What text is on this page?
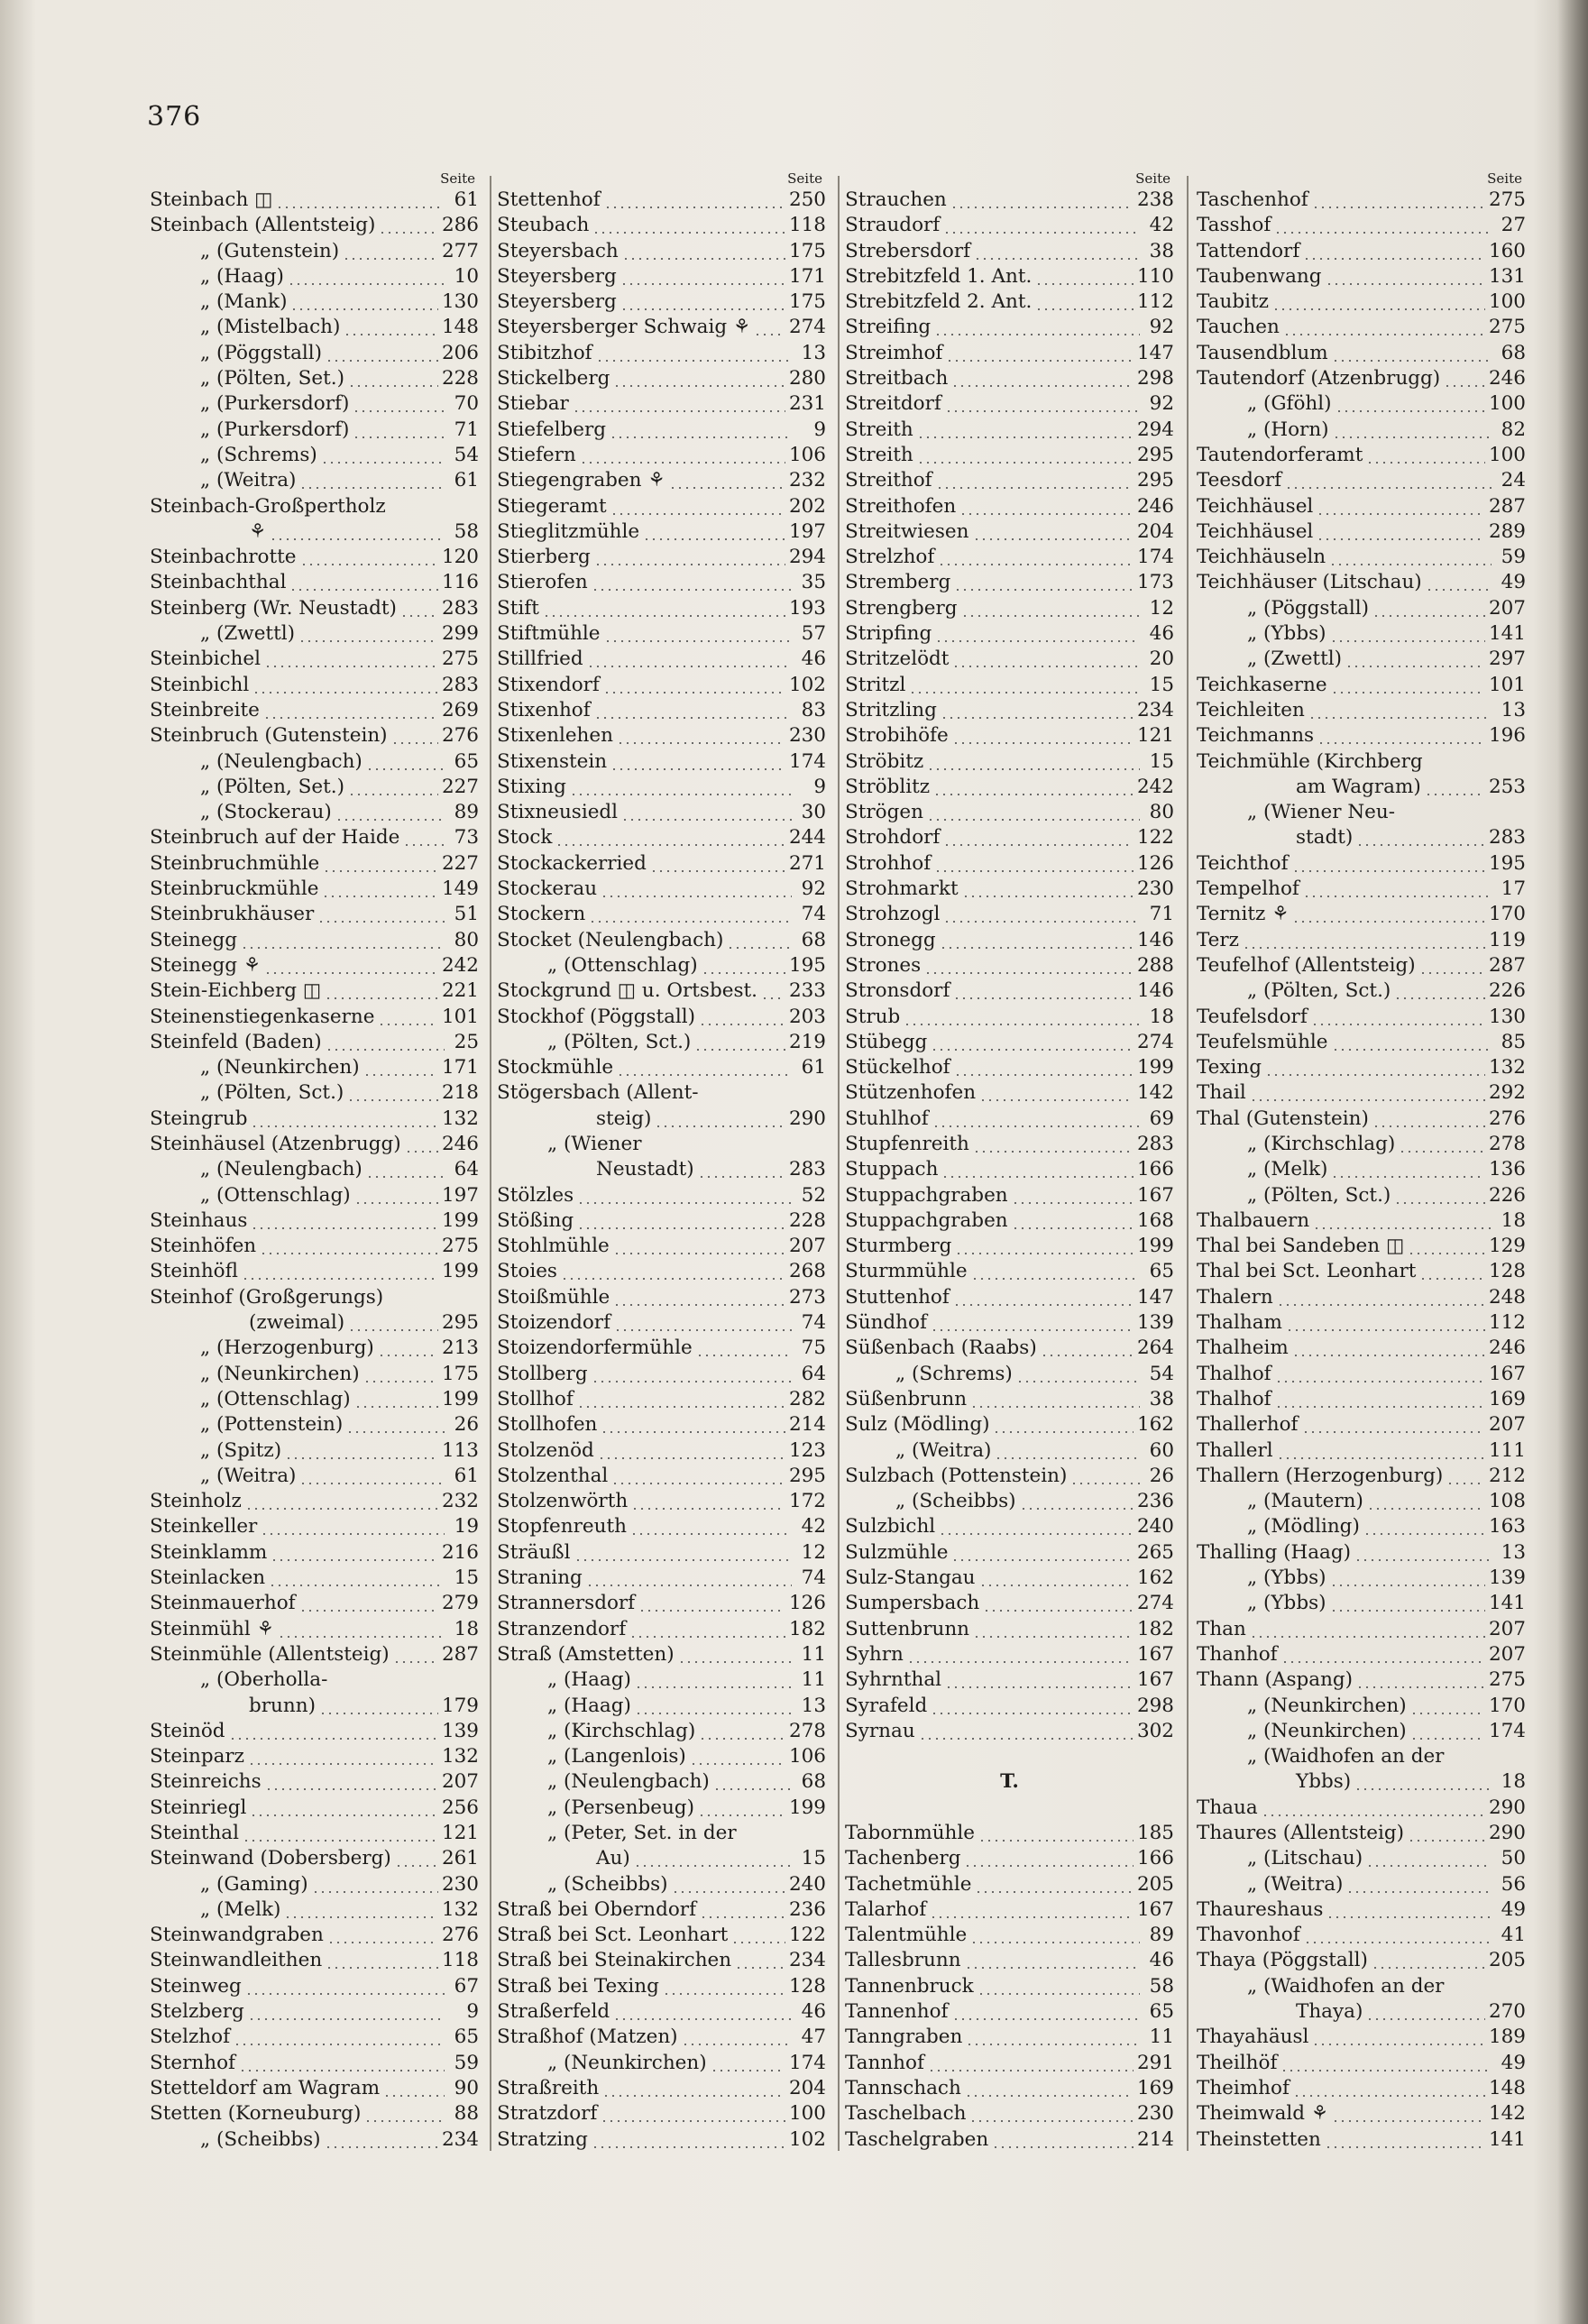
376
Seite
Steinbach ◫	61
Steinbach (Allentsteig)	286
„ (Gutenstein)	277
„ (Haag)	10
„ (Mank)	130
„ (Mistelbach)	148
„ (Pöggstall)	206
„ (Pölten, Set.)	228
„ (Purkersdorf)	70
„ (Purkersdorf)	71
„ (Schrems)	54
„ (Weitra)	61
Steinbach-Großpertholz
⚘	58
Steinbachrotte	120
Steinbachthal	116
Steinberg (Wr. Neustadt) 283
„ (Zwettl)	299
Steinbichel	275
Steinbichl	283
Steinbreite	269
Steinbruch (Gutenstein)	276
„ (Neulengbach)	65
„ (Pölten, Set.)	227
„ (Stockerau)	89
Steinbruch auf der Haide	73
Steinbruchmühle	227
Steinbruckmühle	149
Steinbrukhäuser	51
Steinegg	80
Steinegg ⚘	242
Stein-Eichberg ◫	221
Steinenstiegenkaserne	101
Steinfeld (Baden)	25
„ (Neunkirchen)	171
„ (Pölten, Sct.)	218
Steingrub	132
Steinhäusel (Atzenbrugg) 246
„ (Neulengbach)	64
„ (Ottenschlag)	197
Steinhaus	199
Steinhöfen	275
Steinhöfl	199
Steinhof (Großgerungs)
(zweimal)	295
„ (Herzogenburg)	213
„ (Neunkirchen)	175
„ (Ottenschlag)	199
„ (Pottenstein)	26
„ (Spitz)	113
„ (Weitra)	61
Steinholz	232
Steinkeller	19
Steinklamm	216
Steinlacken	15
Steinmauerhof	279
Steinmühl ⚘	18
Steinmühle (Allentsteig)	287
„ (Oberholla-
brunn)	179
Steinöd	139
Steinparz	132
Steinreichs	207
Steinriegl	256
Steinthal	121
Steinwand (Dobersberg)	261
„ (Gaming)	230
„ (Melk)	132
Steinwandgraben	276
Steinwandleithen	118
Steinweg	67
Stelzberg	9
Stelzhof	65
Sternhof	59
Stetteldorf am Wagram	90
Stetten (Korneuburg)	88
„ (Scheibbs)	234
Seite
Stettenhof	250
Steubach	118
Steyersbach	175
Steyersberg	171
Steyersberg	175
Steyersberger Schwaig ⚘ 274
Stibitzhof	13
Stickelberg	280
Stiebar	231
Stiefelberg	9
Stiefern	106
Stiegengraben ⚘	232
Stiegeramt	202
Stieglitzmühle	197
Stierberg	294
Stierofen	35
Stift	193
Stiftmühle	57
Stillfried	46
Stixendorf	102
Stixenhof	83
Stixenlehen	230
Stixenstein	174
Stixing	9
Stixneusiedl	30
Stock	244
Stockackerried	271
Stockerau	92
Stockern	74
Stocket (Neulengbach)	68
„ (Ottenschlag)	195
Stockgrund ◫ u. Ortsbest. 233
Stockhof (Pöggstall)	203
„ (Pölten, Sct.)	219
Stockmühle	61
Stögersbach (Allent-
steig)	290
„ (Wiener
Neustadt)	283
Stölzles	52
Stößing	228
Stohlmühle	207
Stoies	268
Stoißmühle	273
Stoizendorf	74
Stoizendorfermühle	75
Stollberg	64
Stollhof	282
Stollhofen	214
Stolzenöd	123
Stolzenthal	295
Stolzenwörth	172
Stopfenreuth	42
Sträußl	12
Straning	74
Strannersdorf	126
Stranzendorf	182
Straß (Amstetten)	11
„ (Haag)	11
„ (Haag)	13
„ (Kirchschlag)	278
„ (Langenlois)	106
„ (Neulengbach)	68
„ (Persenbeug)	199
„ (Peter, Set. in der
Au)	15
„ (Scheibbs)	240
Straß bei Oberndorf	236
Straß bei Sct. Leonhart	122
Straß bei Steinakirchen	234
Straß bei Texing	128
Straßerfeld	46
Straßhof (Matzen)	47
„ (Neunkirchen)	174
Straßreith	204
Stratzdorf	100
Stratzing	102
Seite
Strauchen	238
Straudorf	42
Strebersdorf	38
Strebitzfeld 1. Ant.	110
Strebitzfeld 2. Ant.	112
Streifing	92
Streimhof	147
Streitbach	298
Streitdorf	92
Streith	294
Streith	295
Streithof	295
Streithofen	246
Streitwiesen	204
Strelzhof	174
Stremberg	173
Strengberg	12
Stripfing	46
Stritzelödt	20
Stritzl	15
Stritzling	234
Strobihöfe	121
Ströbitz	15
Ströblitz	242
Strögen	80
Strohdorf	122
Strohhof	126
Strohmarkt	230
Strohzogl	71
Stronegg	146
Strones	288
Stronsdorf	146
Strub	18
Stübegg	274
Stückelhof	199
Stützenhofen	142
Stuhlhof	69
Stupfenreith	283
Stuppach	166
Stuppachgraben	167
Stuppachgraben	168
Sturmberg	199
Sturmmühle	65
Stuttenhof	147
Sündhof	139
Süßenbach (Raabs)	264
„ (Schrems)	54
Süßenbrunn	38
Sulz (Mödling)	162
„ (Weitra)	60
Sulzbach (Pottenstein)	26
„ (Scheibbs)	236
Sulzbichl	240
Sulzmühle	265
Sulz-Stangau	162
Sumpersbach	274
Suttenbrunn	182
Syhrn	167
Syhrnthal	167
Syrafeld	298
Syrnau	302
T.
Tabornmühle	185
Tachenberg	166
Tachetmühle	205
Talarhof	167
Talentmühle	89
Tallesbrunn	46
Tannenbruck	58
Tannenhof	65
Tanngraben	11
Tannhof	291
Tannschach	169
Taschelbach	230
Taschelgraben	214
Seite
Taschenhof	275
Tasshof	27
Tattendorf	160
Taubenwang	131
Taubitz	100
Tauchen	275
Tausendblum	68
Tautendorf (Atzenbrugg)	246
„ (Gföhl)	100
„ (Horn)	82
Tautendorferamt	100
Teesdorf	24
Teichhäusel	287
Teichhäusel	289
Teichhäuseln	59
Teichhäuser (Litschau)	49
„ (Pöggstall)	207
„ (Ybbs)	141
„ (Zwettl)	297
Teichkaserne	101
Teichleiten	13
Teichmanns	196
Teichmühle (Kirchberg
am Wagram)	253
„ (Wiener Neu-
stadt)	283
Teichthof	195
Tempelhof	17
Ternitz ⚘	170
Terz	119
Teufelhof (Allentsteig)	287
„ (Pölten, Sct.)	226
Teufelsdorf	130
Teufelsmühle	85
Texing	132
Thail	292
Thal (Gutenstein)	276
„ (Kirchschlag)	278
„ (Melk)	136
„ (Pölten, Sct.)	226
Thalbauern	18
Thal bei Sandeben ◫	129
Thal bei Sct. Leonhart	128
Thalern	248
Thalham	112
Thalheim	246
Thalhof	167
Thalhof	169
Thallerhof	207
Thallerl	111
Thallern (Herzogenburg) 212
„ (Mautern)	108
„ (Mödling)	163
Thalling (Haag)	13
„ (Ybbs)	139
„ (Ybbs)	141
Than	207
Thanhof	207
Thann (Aspang)	275
„ (Neunkirchen)	170
„ (Neunkirchen)	174
„ (Waidhofen an der
Ybbs)	18
Thaua	290
Thaures (Allentsteig)	290
„ (Litschau)	50
„ (Weitra)	56
Thaureshaus	49
Thavonhof	41
Thaya (Pöggstall)	205
„ (Waidhofen an der
Thaya)	270
Thayahäusl	189
Theilhöf	49
Theimhof	148
Theimwald ⚘	142
Theinstetten	141
